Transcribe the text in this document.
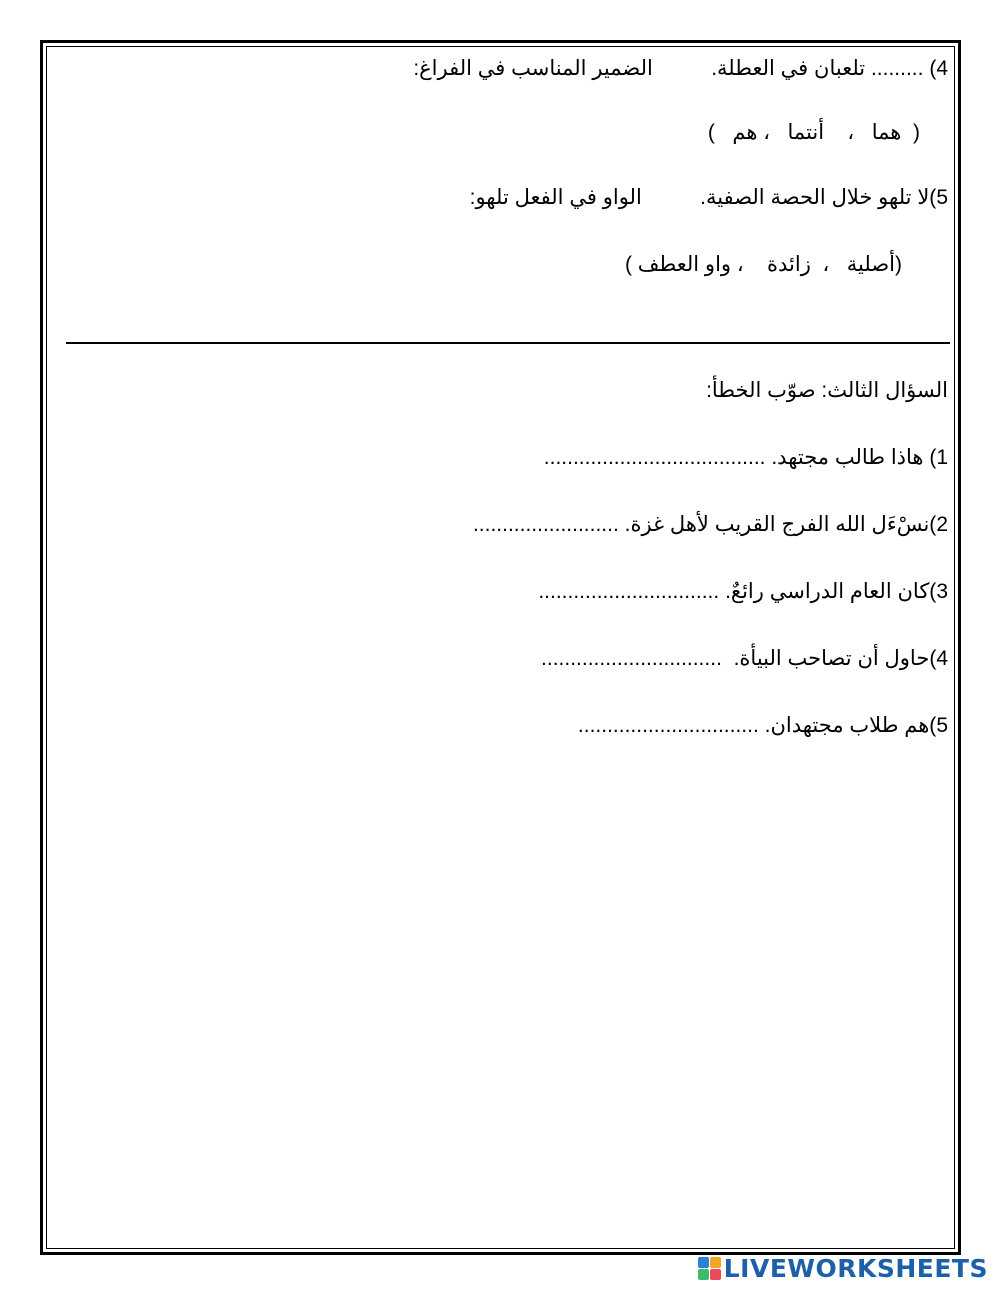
4) ......... تلعبان في العطلة.          الضمير المناسب في الفراغ:
(  هما   ،    أنتما   ، هم   )
5)لا تلهو خلال الحصة الصفية.          الواو في الفعل تلهو:
(أصلية   ،  زائدة    ، واو العطف )
السؤال الثالث: صوّب الخطأ:
1) هاذا طالب مجتهد. ......................................
2)نسْءَل الله الفرج القريب لأهل غزة. .........................
3)كان العام الدراسي رائعٌ. ...............................
4)حاول أن تصاحب البيأة.  ...............................
5)هم طلاب مجتهدان. ...............................
LIVEWORKSHEETS
